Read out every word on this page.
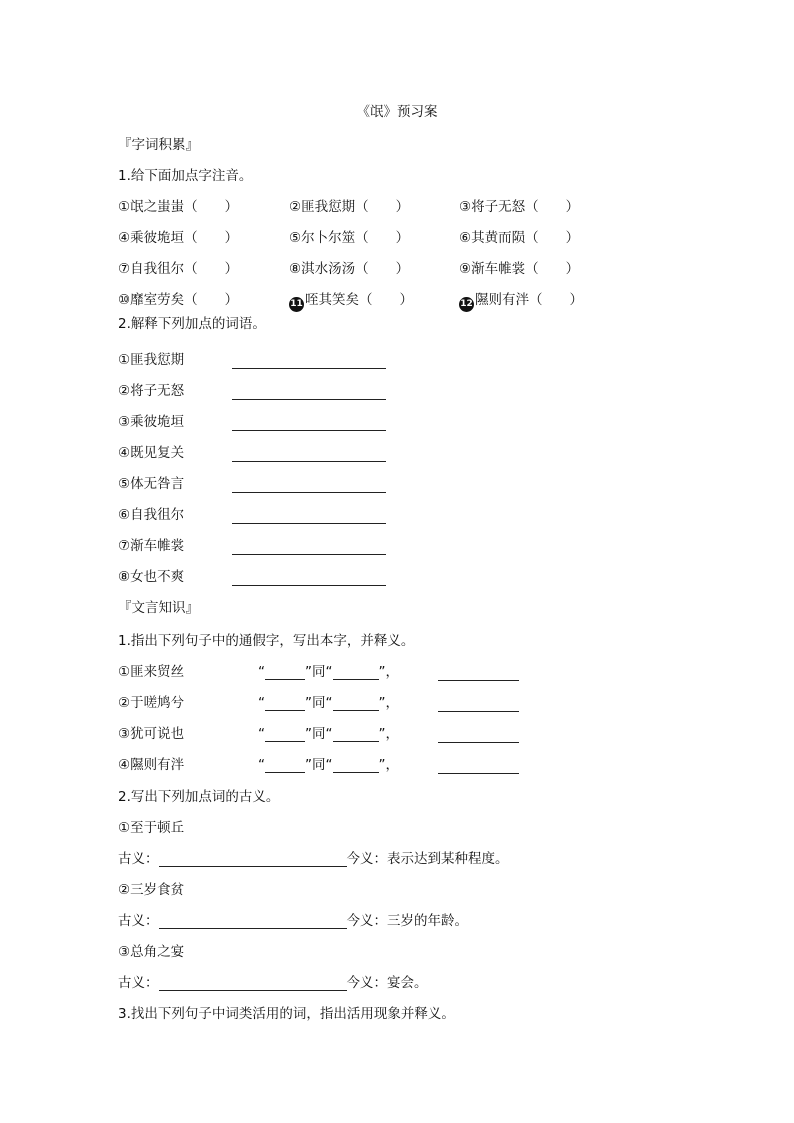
《氓》预习案
『字词积累』
1.给下面加点字注音。
①氓之蚩蚩（　　）	②匪我愆期（　　）	③将子无怒（　　）
④乘彼垝垣（　　）	⑤尔卜尔筮（　　）	⑥其黄而陨（　　）
⑦自我徂尔（　　）	⑧淇水汤汤（　　）	⑨渐车帷裳（　　）
⑩靡室劳矣（　　）	11 咥其笑矣（　　）	12 隰则有泮（　　）
2.解释下列加点的词语。
①匪我愆期
②将子无怒
③乘彼垝垣
④既见复关
⑤体无咎言
⑥自我徂尔
⑦渐车帷裳
⑧女也不爽
『文言知识』
1.指出下列句子中的通假字，写出本字，并释义。
①匪来贸丝	“	”同“	”，
②于嗟鸠兮	“	”同“	”，
③犹可说也	“	”同“	”，
④隰则有泮	“	”同“	”，
2.写出下列加点词的古义。
①至于顿丘
古义：	今义：表示达到某种程度。
②三岁食贫
古义：	今义：三岁的年龄。
③总角之宴
古义：	今义：宴会。
3.找出下列句子中词类活用的词，指出活用现象并释义。
